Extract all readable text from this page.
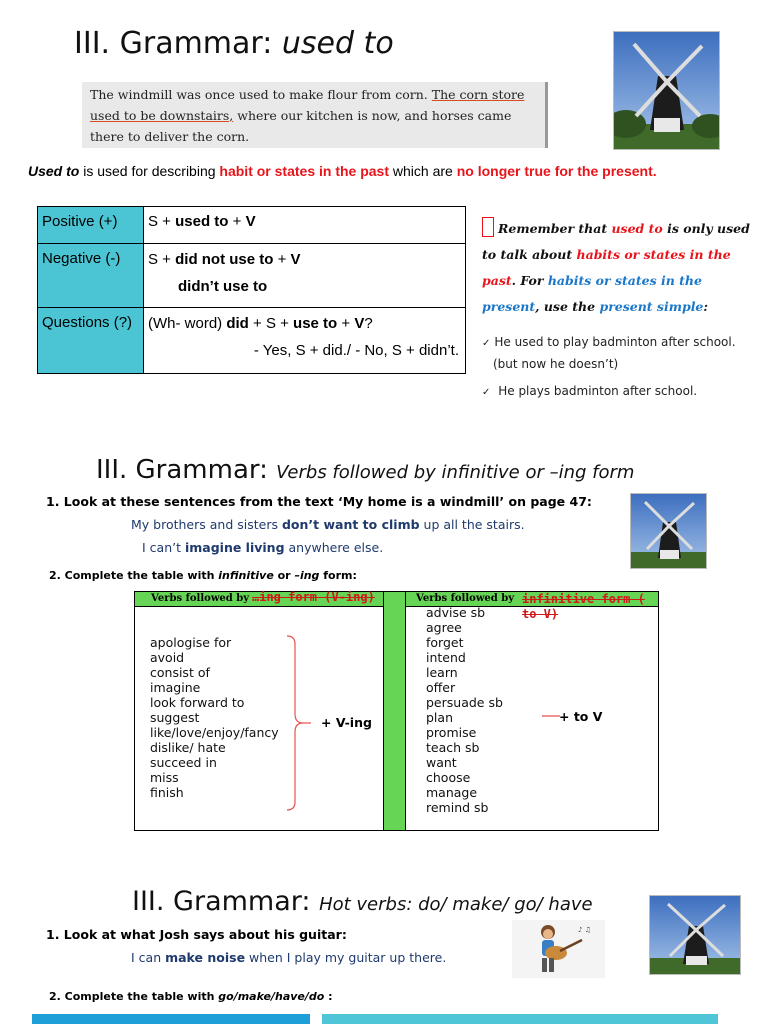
III. Grammar: used to
The windmill was once used to make flour from corn. The corn store used to be downstairs, where our kitchen is now, and horses came there to deliver the corn.
Used to is used for describing habit or states in the past which are no longer true for the present.
Positive (+)	S + used to + V
Negative (-)	S + did not use to + V
didn’t use to
Questions (?)	(Wh- word) did + S + use to + V?

- Yes, S + did./ - No, S + didn’t.
Remember that used to is only used to talk about habits or states in the past. For habits or states in the present, use the present simple:
✓ He used to play badminton after school.
(but now he doesn’t)
✓ He plays badminton after school.
III. Grammar: Verbs followed by infinitive or –ing form
1. Look at these sentences from the text ‘My home is a windmill’ on page 47:
My brothers and sisters don’t want to climb up all the stairs.
I can’t imagine living anywhere else.
2. Complete the table with infinitive or –ing form:
Verbs followed by …ing form (V-ing)
apologise for
avoid
consist of
imagine
look forward to
suggest
like/love/enjoy/fancy
dislike/ hate
succeed in
miss
finish
+ V-ing
Verbs followed by infinitive form ( to V)
advise sb
agree
forget
intend
learn
offer
persuade sb
plan
promise
teach sb
want
choose
manage
remind sb
+ to V
III. Grammar: Hot verbs: do/ make/ go/ have
1. Look at what Josh says about his guitar:	♪ ♫
I can make noise when I play my guitar up there.
2. Complete the table with go/make/have/do :
